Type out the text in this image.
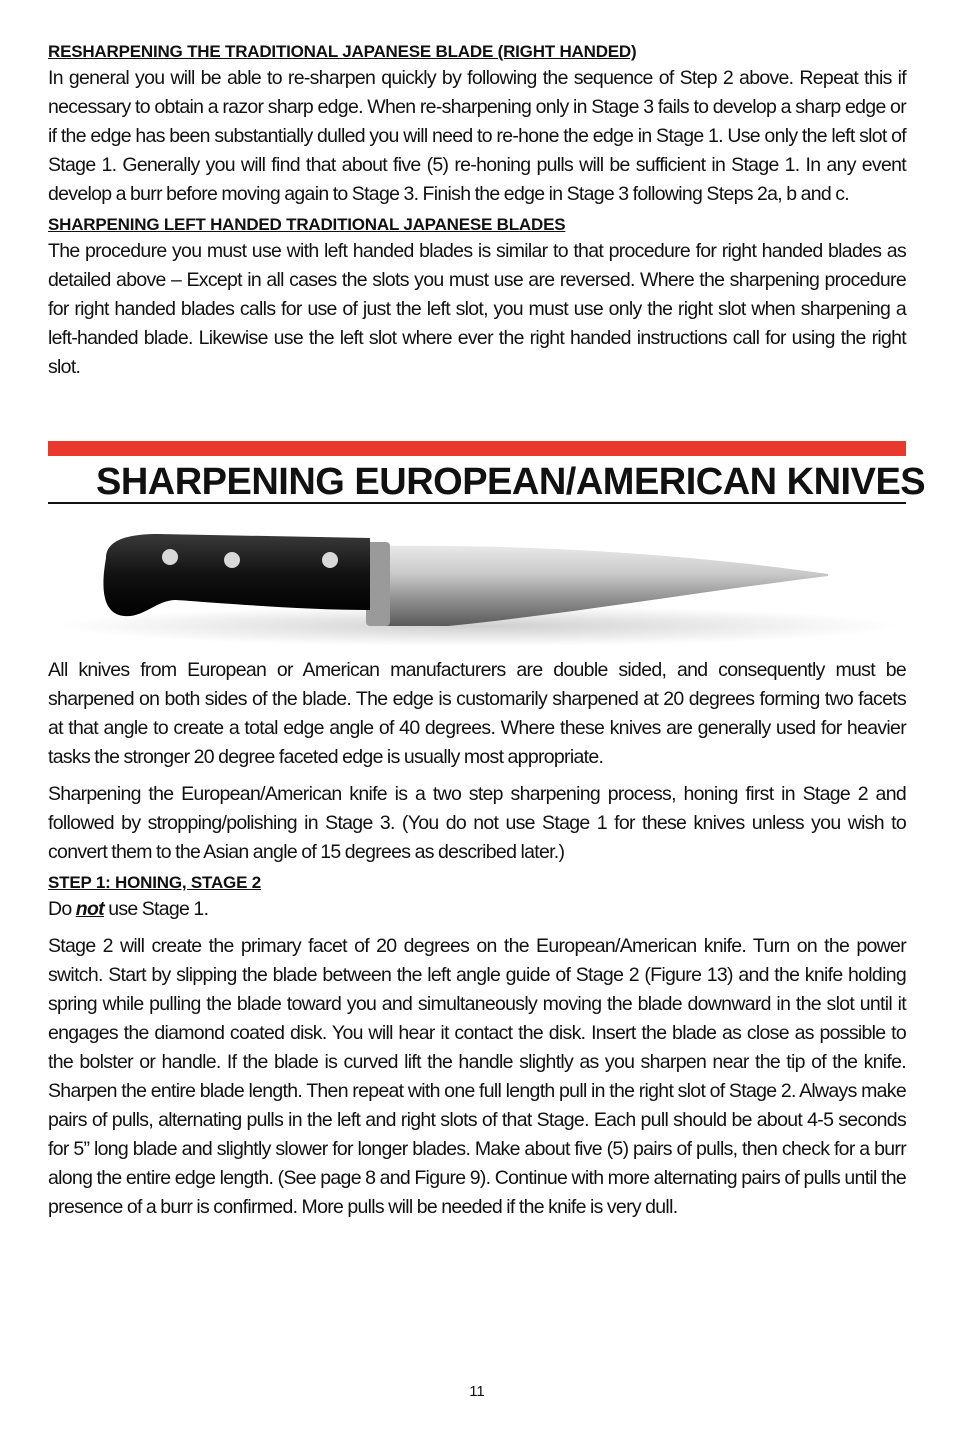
RESHARPENING THE TRADITIONAL JAPANESE BLADE (RIGHT HANDED)

In general you will be able to re-sharpen quickly by following the sequence of Step 2 above. Repeat this if necessary to obtain a razor sharp edge. When re-sharpening only in Stage 3 fails to develop a sharp edge or if the edge has been substantially dulled you will need to re-hone the edge in Stage 1. Use only the left slot of Stage 1. Generally you will find that about five (5) re-honing pulls will be sufficient in Stage 1. In any event develop a burr before moving again to Stage 3. Finish the edge in Stage 3 following Steps 2a, b and c.

SHARPENING LEFT HANDED TRADITIONAL JAPANESE BLADES

The procedure you must use with left handed blades is similar to that procedure for right handed blades as detailed above – Except in all cases the slots you must use are reversed. Where the sharpening procedure for right handed blades calls for use of just the left slot, you must use only the right slot when sharpening a left-handed blade. Likewise use the left slot where ever the right handed instructions call for using the right slot.

SHARPENING EUROPEAN/AMERICAN KNIVES

All knives from European or American manufacturers are double sided, and consequently must be sharpened on both sides of the blade. The edge is customarily sharpened at 20 degrees forming two facets at that angle to create a total edge angle of 40 degrees. Where these knives are generally used for heavier tasks the stronger 20 degree faceted edge is usually most appropriate.

Sharpening the European/American knife is a two step sharpening process, honing first in Stage 2 and followed by stropping/polishing in Stage 3. (You do not use Stage 1 for these knives unless you wish to convert them to the Asian angle of 15 degrees as described later.)

STEP 1: HONING, STAGE 2

Do not use Stage 1.

Stage 2 will create the primary facet of 20 degrees on the European/American knife. Turn on the power switch. Start by slipping the blade between the left angle guide of Stage 2 (Figure 13) and the knife holding spring while pulling the blade toward you and simultaneously moving the blade downward in the slot until it engages the diamond coated disk. You will hear it contact the disk. Insert the blade as close as possible to the bolster or handle. If the blade is curved lift the handle slightly as you sharpen near the tip of the knife. Sharpen the entire blade length. Then repeat with one full length pull in the right slot of Stage 2. Always make pairs of pulls, alternating pulls in the left and right slots of that Stage. Each pull should be about 4-5 seconds for 5” long blade and slightly slower for longer blades. Make about five (5) pairs of pulls, then check for a burr along the entire edge length. (See page 8 and Figure 9). Continue with more alternating pairs of pulls until the presence of a burr is confirmed. More pulls will be needed if the knife is very dull.

11
